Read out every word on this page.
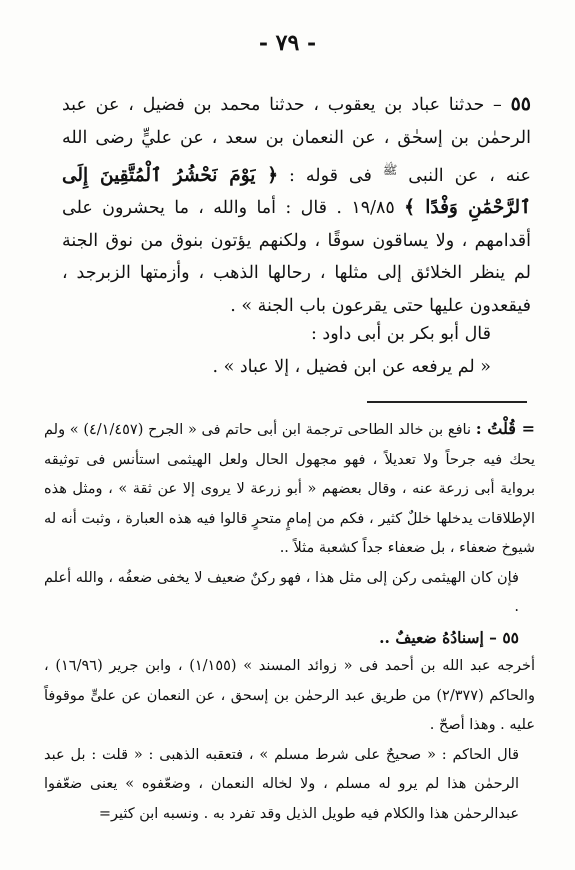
- ٧٩ -
٥٥ – حدثنا عباد بن يعقوب ، حدثنا محمد بن فضيل ، عن عبد الرحمٰن بن إسحٰق ، عن النعمان بن سعد ، عن عليٍّ رضى الله عنه ، عن النبى $^ﷺ$ فى قوله : ﴿ يَوْمَ نَحْشُرُ ٱلْمُتَّقِينَ إِلَى ٱلرَّحْمَٰنِ وَفْدًا ﴾ ١٩/٨٥ . قال : أما والله ، ما يحشرون على أقدامهم ، ولا يساقون سوقًا ، ولكنهم يؤتون بنوق من نوق الجنة لم ينظر الخلائق إلى مثلها ، رحالها الذهب ، وأزمتها الزبرجد ، فيقعدون عليها حتى يقرعون باب الجنة » .

قال أبو بكر بن أبى داود :

« لم يرفعه عن ابن فضيل ، إلا عباد » .

= قُلْتُ : نافع بن خالد الطاحى ترجمة ابن أبى حاتم فى « الجرح (٤/١/٤٥٧) » ولم يحك فيه جرحاً ولا تعديلاً ، فهو مجهول الحال ولعل الهيثمى استأنس فى توثيقه برواية أبى زرعة عنه ، وقال بعضهم « أبو زرعة لا يروى إلا عن ثقة » ، ومثل هذه الإطلاقات يدخلها خللٌ كثير ، فكم من إمامٍ متحرٍ قالوا فيه هذه العبارة ، وثبت أنه له شيوخ ضعفاء ، بل ضعفاء جداً كشعبة مثلاً ..

فإن كان الهيثمى ركن إلى مثل هذا ، فهو ركنٌ ضعيف لا يخفى ضعفُه ، والله أعلم .

٥٥ – إسنادُهُ ضعيفٌ ..

أخرجه عبد الله بن أحمد فى « زوائد المسند » (١/١٥٥) ، وابن جرير (١٦/٩٦) ، والحاكم (٢/٣٧٧) من طريق عبد الرحمٰن بن إسحق ، عن النعمان عن علىٍّ موقوفاً عليه . وهذا أصحّ .

قال الحاكم : « صحيحٌ على شرط مسلم » ، فتعقبه الذهبى : « قلت : بل عبد الرحمٰن هذا لم يرو له مسلم ، ولا لخاله النعمان ، وضعّفوه » يعنى ضعّفوا عبدالرحمٰن هذا والكلام فيه طويل الذيل وقد تفرد به . ونسبه ابن كثير=
